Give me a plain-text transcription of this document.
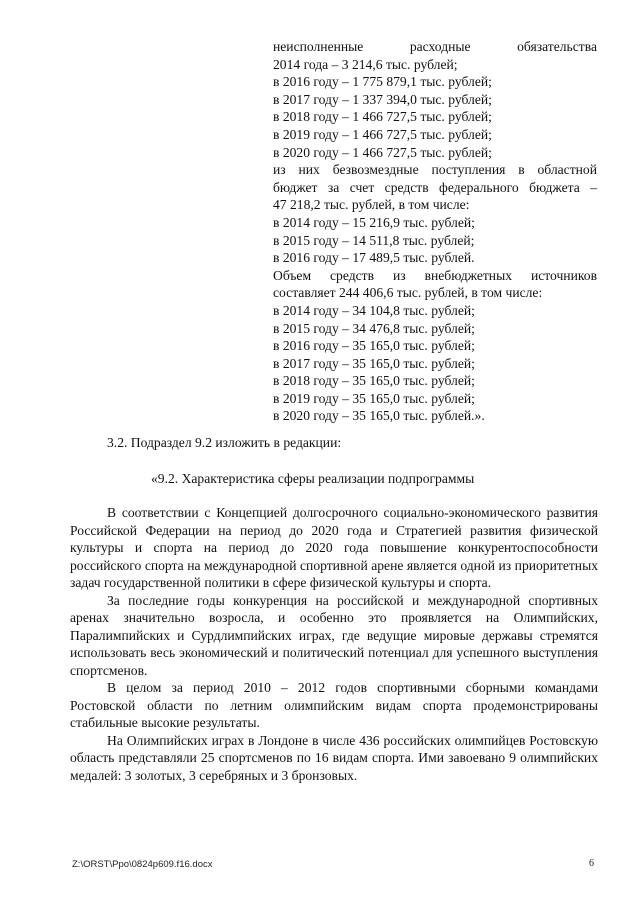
неисполненные	расходные	обязательства
2014 года – 3 214,6 тыс. рублей;
в 2016 году – 1 775 879,1 тыс. рублей;
в 2017 году – 1 337 394,0 тыс. рублей;
в 2018 году – 1 466 727,5 тыс. рублей;
в 2019 году – 1 466 727,5 тыс. рублей;
в 2020 году – 1 466 727,5 тыс. рублей;
из них безвозмездные поступления в областной
бюджет за счет средств федерального бюджета –
47 218,2 тыс. рублей, в том числе:
в 2014 году – 15 216,9 тыс. рублей;
в 2015 году – 14 511,8 тыс. рублей;
в 2016 году – 17 489,5 тыс. рублей.
Объем средств из внебюджетных источников
составляет 244 406,6 тыс. рублей, в том числе:
в 2014 году – 34 104,8 тыс. рублей;
в 2015 году – 34 476,8 тыс. рублей;
в 2016 году – 35 165,0 тыс. рублей;
в 2017 году – 35 165,0 тыс. рублей;
в 2018 году – 35 165,0 тыс. рублей;
в 2019 году – 35 165,0 тыс. рублей;
в 2020 году – 35 165,0 тыс. рублей.».
3.2. Подраздел 9.2 изложить в редакции:
«9.2. Характеристика сферы реализации подпрограммы

В соответствии с Концепцией долгосрочного социально-экономического развития Российской Федерации на период до 2020 года и Стратегией развития физической культуры и спорта на период до 2020 года повышение конкурентоспособности российского спорта на международной спортивной арене является одной из приоритетных задач государственной политики в сфере физической культуры и спорта.

За последние годы конкуренция на российской и международной спортивных аренах значительно возросла, и особенно это проявляется на Олимпийских, Паралимпийских и Сурдлимпийских играх, где ведущие мировые державы стремятся использовать весь экономический и политический потенциал для успешного выступления спортсменов.

В целом за период 2010 – 2012 годов спортивными сборными командами Ростовской области по летним олимпийским видам спорта продемонстрированы стабильные высокие результаты.

На Олимпийских играх в Лондоне в числе 436 российских олимпийцев Ростовскую область представляли 25 спортсменов по 16 видам спорта. Ими завоевано 9 олимпийских медалей: 3 золотых, 3 серебряных и 3 бронзовых.

Z:\ORST\Ppo\0824p609.f16.docx	6
